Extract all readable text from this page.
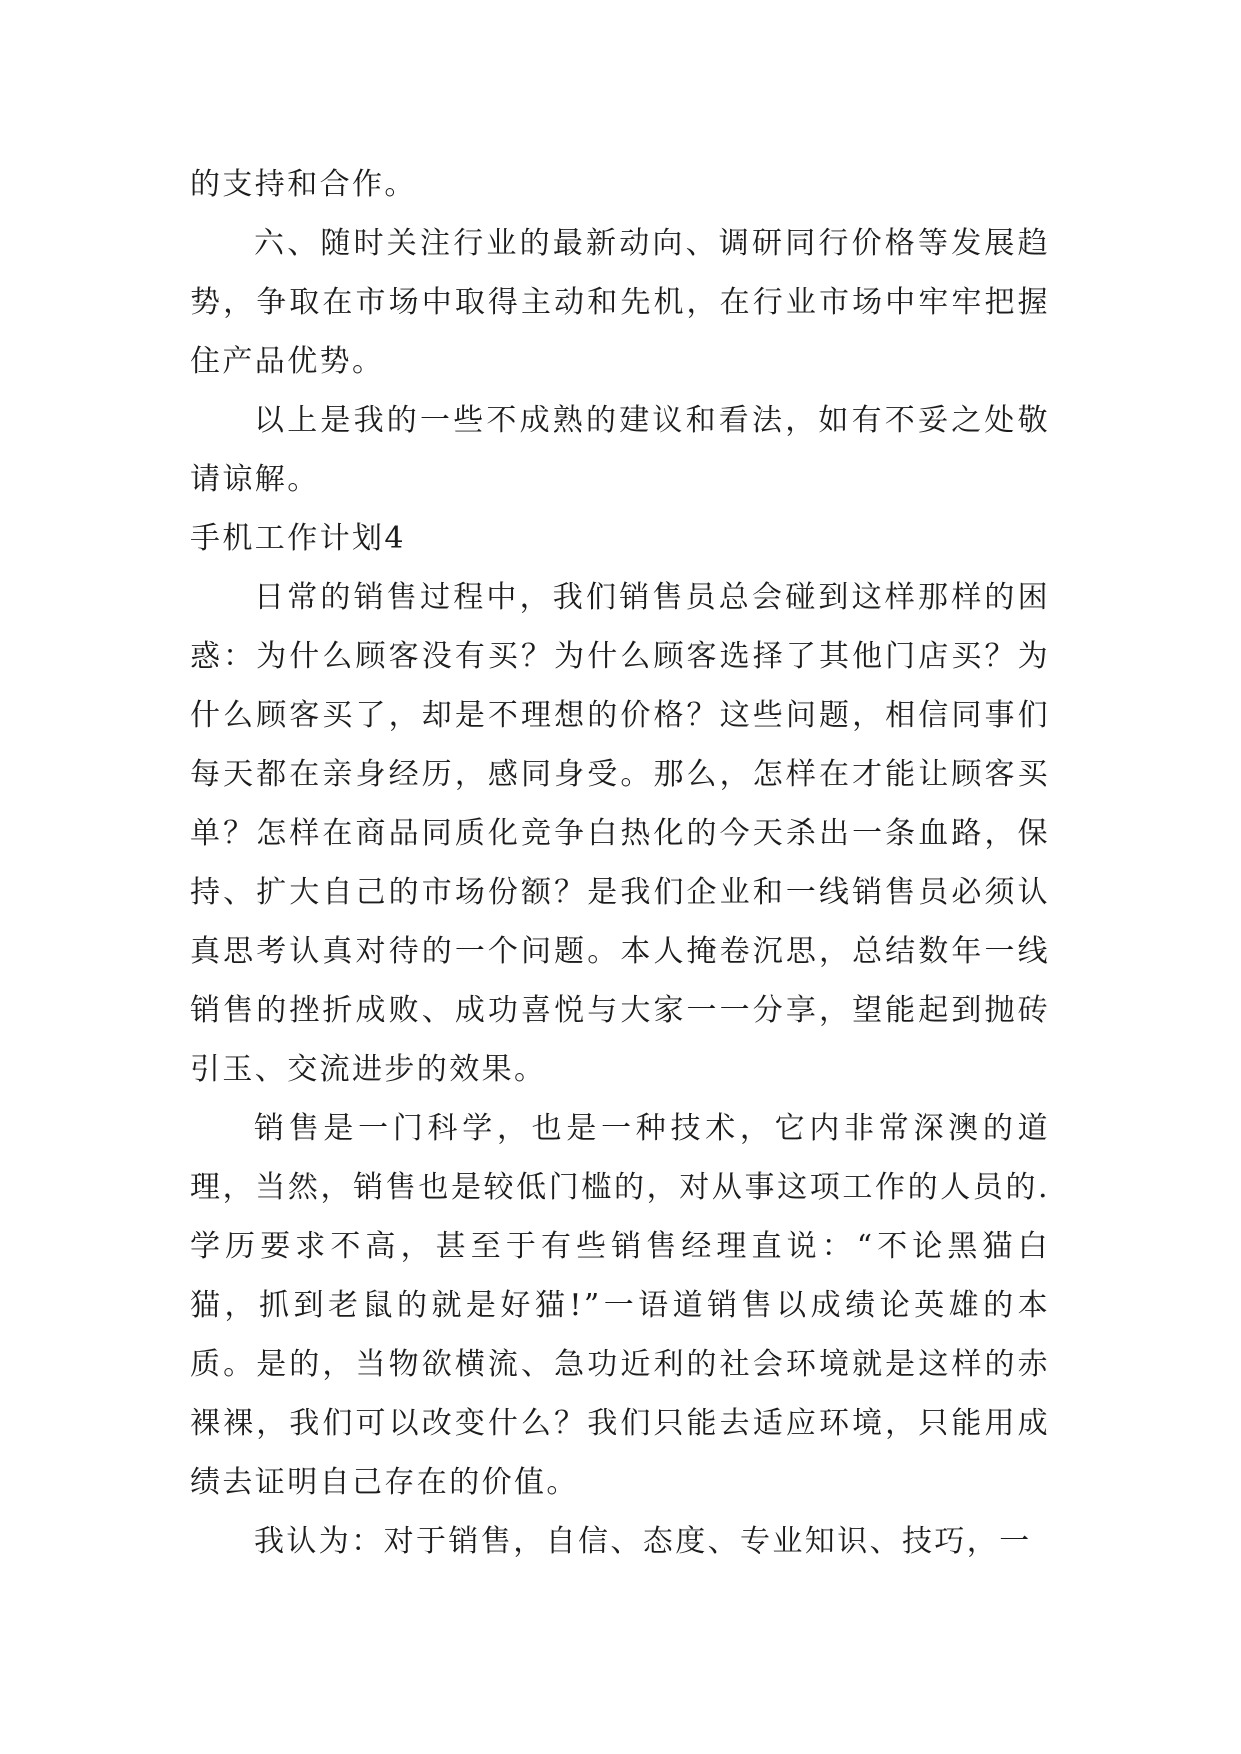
的支持和合作。

六、随时关注行业的最新动向、调研同行价格等发展趋势，争取在市场中取得主动和先机，在行业市场中牢牢把握住产品优势。

以上是我的一些不成熟的建议和看法，如有不妥之处敬请谅解。

手机工作计划4

日常的销售过程中，我们销售员总会碰到这样那样的困惑：为什么顾客没有买？为什么顾客选择了其他门店买？为什么顾客买了，却是不理想的价格？这些问题，相信同事们每天都在亲身经历，感同身受。那么，怎样在才能让顾客买单？怎样在商品同质化竞争白热化的今天杀出一条血路，保持、扩大自己的市场份额？是我们企业和一线销售员必须认真思考认真对待的一个问题。本人掩卷沉思，总结数年一线销售的挫折成败、成功喜悦与大家一一分享，望能起到抛砖引玉、交流进步的效果。

销售是一门科学，也是一种技术，它内非常深澳的道理，当然，销售也是较低门槛的，对从事这项工作的人员的.学历要求不高，甚至于有些销售经理直说：“不论黑猫白猫，抓到老鼠的就是好猫!”一语道销售以成绩论英雄的本质。是的，当物欲横流、急功近利的社会环境就是这样的赤裸裸，我们可以改变什么？我们只能去适应环境，只能用成绩去证明自己存在的价值。

我认为：对于销售，自信、态度、专业知识、技巧，一
